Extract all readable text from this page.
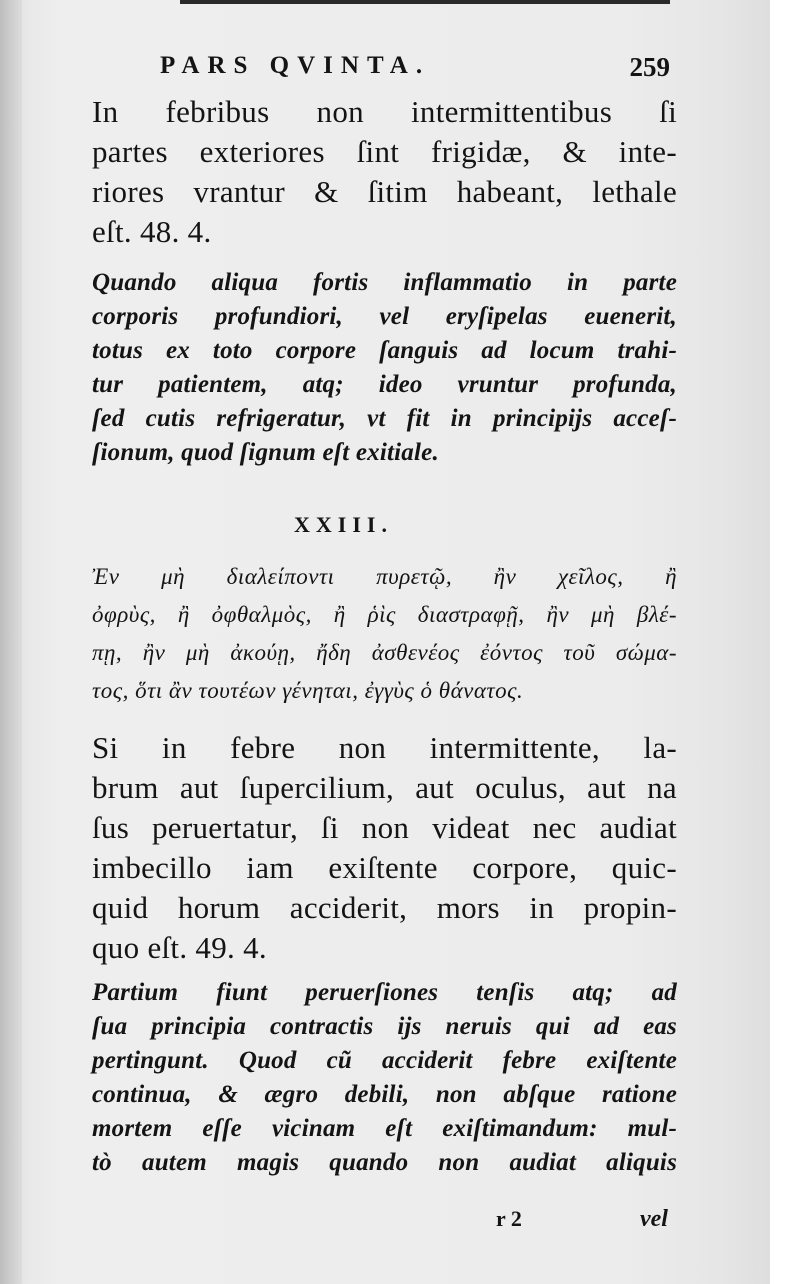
PARS QVINTA.	259
In febribus non intermittentibus ſi
partes exteriores ſint frigidæ, & inte-
riores vrantur & ſitim habeant, lethale
eſt. 48. 4.
Quando aliqua fortis inflammatio in parte
corporis profundiori, vel eryſipelas euenerit,
totus ex toto corpore ſanguis ad locum trahi-
tur patientem, atq; ideo vruntur profunda,
ſed cutis refrigeratur, vt fit in principijs acceſ-
ſionum, quod ſignum eſt exitiale.
XXIII.
Ἐν μὴ διαλείποντι πυρετῷ, ἢν χεῖλος, ἢ
ὀφρὺς, ἢ ὀφθαλμὸς, ἢ ῥὶς διαστραφῇ, ἢν μὴ βλέ-
πῃ, ἢν μὴ ἀκούῃ, ἤδη ἀσθενέος ἐόντος τοῦ σώμα-
τος, ὅτι ἂν τουτέων γένηται, ἐγγὺς ὁ θάνατος.
Si in febre non intermittente, la-
brum aut ſupercilium, aut oculus, aut na
ſus peruertatur, ſi non videat nec audiat
imbecillo iam exiſtente corpore, quic-
quid horum acciderit, mors in propin-
quo eſt. 49. 4.
Partium fiunt peruerſiones tenſis atq; ad
ſua principia contractis ijs neruis qui ad eas
pertingunt. Quod cũ acciderit febre exiſtente
continua, & ægro debili, non abſque ratione
mortem eſſe vicinam eſt exiſtimandum: mul-
tò autem magis quando non audiat aliquis
r 2	vel
